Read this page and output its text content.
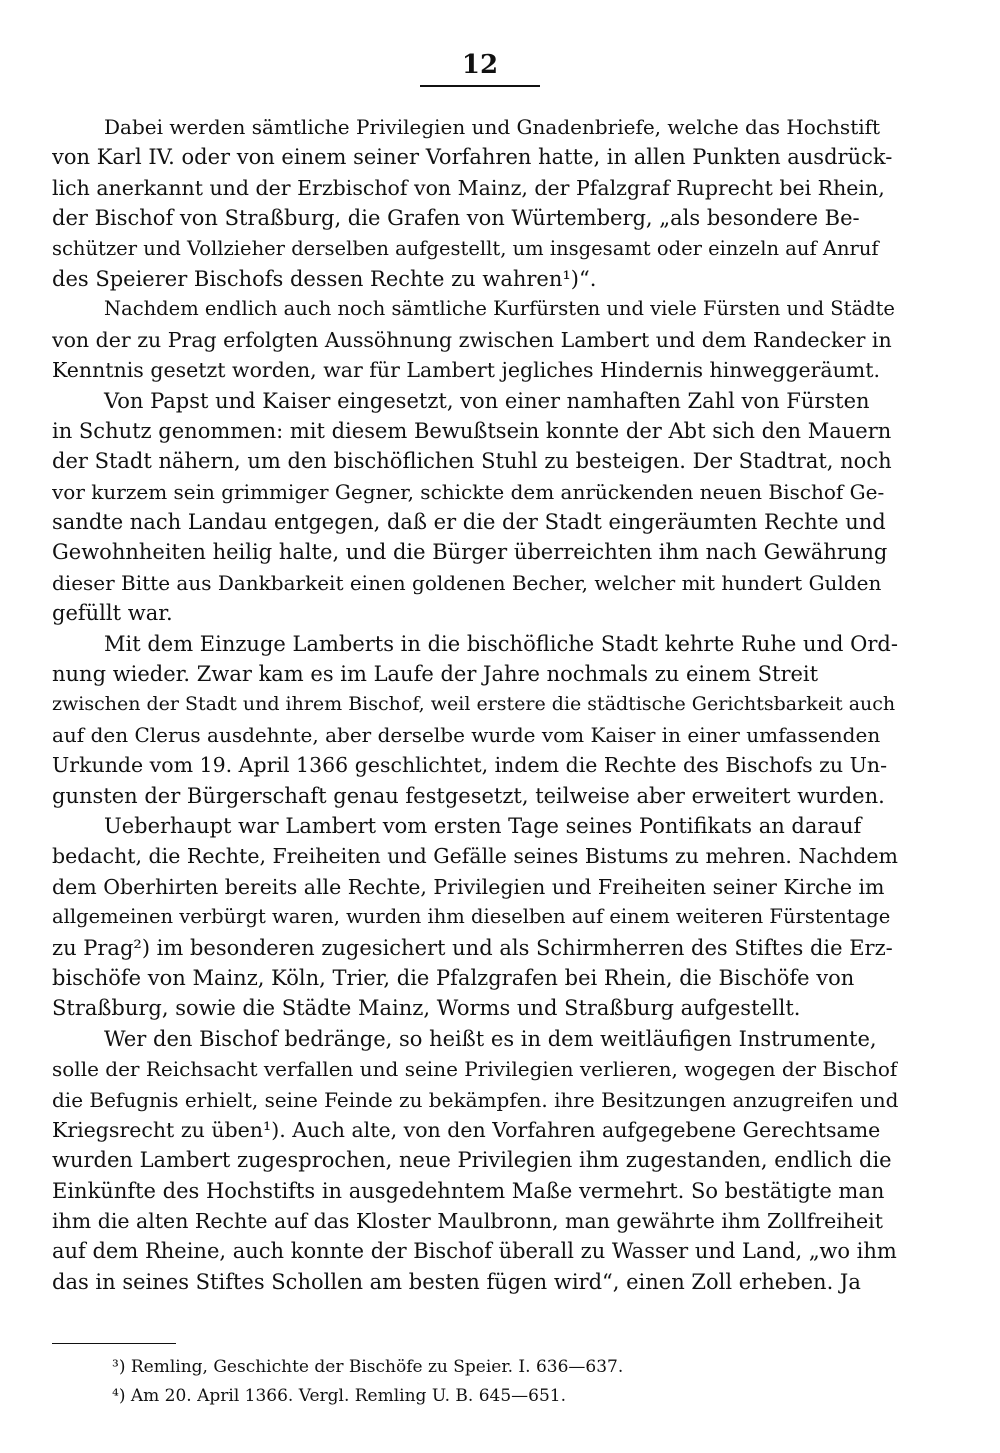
12
Dabei werden sämtliche Privilegien und Gnadenbriefe, welche das Hochstift
von Karl IV. oder von einem seiner Vorfahren hatte, in allen Punkten ausdrück-
lich anerkannt und der Erzbischof von Mainz, der Pfalzgraf Ruprecht bei Rhein,
der Bischof von Straßburg, die Grafen von Würtemberg, „als besondere Be-
schützer und Vollzieher derselben aufgestellt, um insgesamt oder einzeln auf Anruf
des Speierer Bischofs dessen Rechte zu wahren¹)“.
Nachdem endlich auch noch sämtliche Kurfürsten und viele Fürsten und Städte
von der zu Prag erfolgten Aussöhnung zwischen Lambert und dem Randecker in
Kenntnis gesetzt worden, war für Lambert jegliches Hindernis hinweggeräumt.
Von Papst und Kaiser eingesetzt, von einer namhaften Zahl von Fürsten
in Schutz genommen: mit diesem Bewußtsein konnte der Abt sich den Mauern
der Stadt nähern, um den bischöflichen Stuhl zu besteigen. Der Stadtrat, noch
vor kurzem sein grimmiger Gegner, schickte dem anrückenden neuen Bischof Ge-
sandte nach Landau entgegen, daß er die der Stadt eingeräumten Rechte und
Gewohnheiten heilig halte, und die Bürger überreichten ihm nach Gewährung
dieser Bitte aus Dankbarkeit einen goldenen Becher, welcher mit hundert Gulden
gefüllt war.
Mit dem Einzuge Lamberts in die bischöfliche Stadt kehrte Ruhe und Ord-
nung wieder. Zwar kam es im Laufe der Jahre nochmals zu einem Streit
zwischen der Stadt und ihrem Bischof, weil erstere die städtische Gerichtsbarkeit auch
auf den Clerus ausdehnte, aber derselbe wurde vom Kaiser in einer umfassenden
Urkunde vom 19. April 1366 geschlichtet, indem die Rechte des Bischofs zu Un-
gunsten der Bürgerschaft genau festgesetzt, teilweise aber erweitert wurden.
Ueberhaupt war Lambert vom ersten Tage seines Pontifikats an darauf
bedacht, die Rechte, Freiheiten und Gefälle seines Bistums zu mehren. Nachdem
dem Oberhirten bereits alle Rechte, Privilegien und Freiheiten seiner Kirche im
allgemeinen verbürgt waren, wurden ihm dieselben auf einem weiteren Fürstentage
zu Prag²) im besonderen zugesichert und als Schirmherren des Stiftes die Erz-
bischöfe von Mainz, Köln, Trier, die Pfalzgrafen bei Rhein, die Bischöfe von
Straßburg, sowie die Städte Mainz, Worms und Straßburg aufgestellt.
Wer den Bischof bedränge, so heißt es in dem weitläufigen Instrumente,
solle der Reichsacht verfallen und seine Privilegien verlieren, wogegen der Bischof
die Befugnis erhielt, seine Feinde zu bekämpfen. ihre Besitzungen anzugreifen und
Kriegsrecht zu üben¹). Auch alte, von den Vorfahren aufgegebene Gerechtsame
wurden Lambert zugesprochen, neue Privilegien ihm zugestanden, endlich die
Einkünfte des Hochstifts in ausgedehntem Maße vermehrt. So bestätigte man
ihm die alten Rechte auf das Kloster Maulbronn, man gewährte ihm Zollfreiheit
auf dem Rheine, auch konnte der Bischof überall zu Wasser und Land, „wo ihm
das in seines Stiftes Schollen am besten fügen wird“, einen Zoll erheben. Ja
³) Remling, Geschichte der Bischöfe zu Speier. I. 636—637.
⁴) Am 20. April 1366. Vergl. Remling U. B. 645—651.
